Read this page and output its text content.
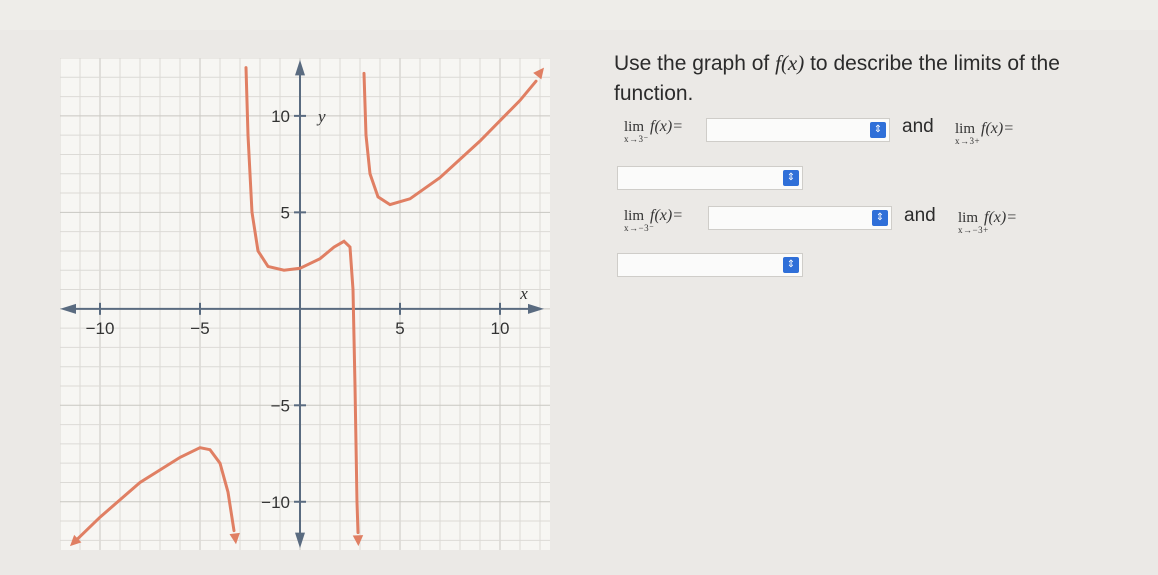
−10	−5	5	10
10
5
−5
−10
x
y
Use the graph of f(x) to describe the limits of the function.
lim f(x)=
x→3⁻
⇕ and lim f(x)=
x→3+
⇕
lim f(x)=
x→−3⁻
⇕ and lim f(x)=
x→−3+
⇕
